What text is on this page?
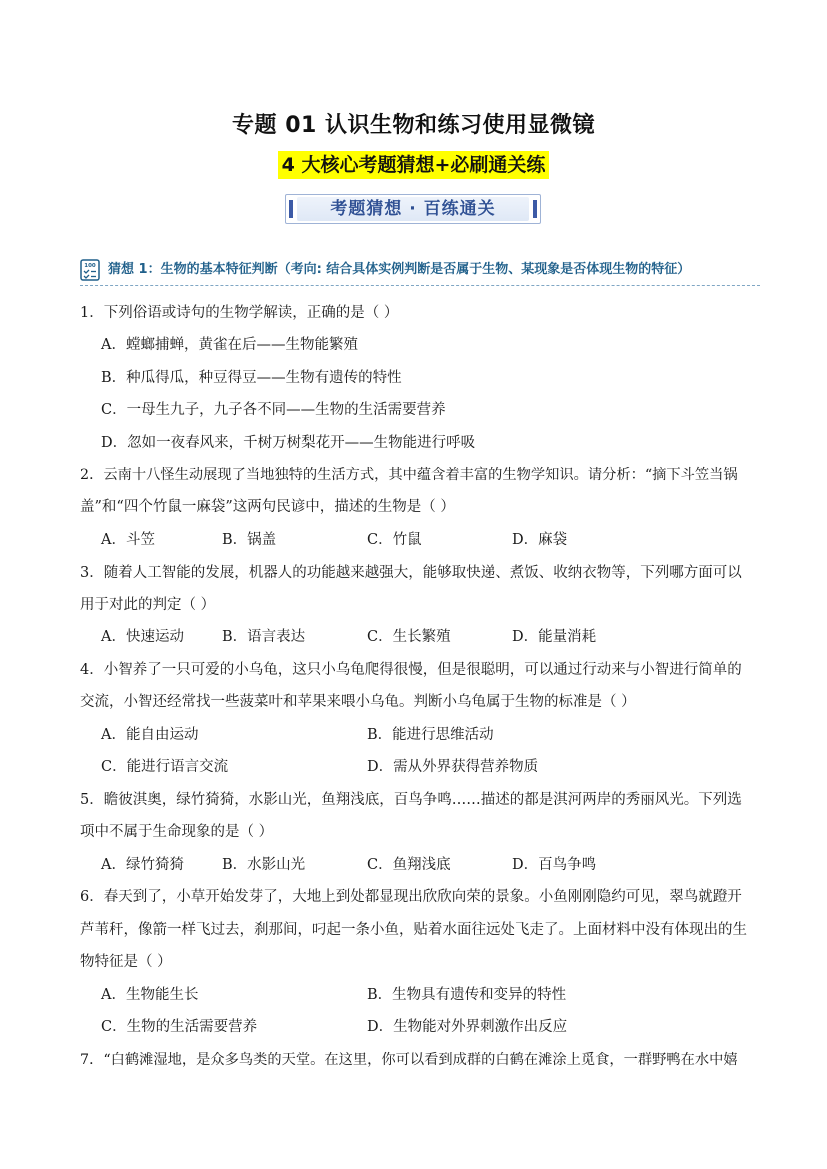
专题 01 认识生物和练习使用显微镜
4 大核心考题猜想+必刷通关练
考题猜想 · 百练通关
100 猜想 1：生物的基本特征判断（考向: 结合具体实例判断是否属于生物、某现象是否体现生物的特征）
1．下列俗语或诗句的生物学解读，正确的是（ ）
A．螳螂捕蝉，黄雀在后——生物能繁殖
B．种瓜得瓜，种豆得豆——生物有遗传的特性
C．一母生九子，九子各不同——生物的生活需要营养
D．忽如一夜春风来，千树万树梨花开——生物能进行呼吸
2．云南十八怪生动展现了当地独特的生活方式，其中蕴含着丰富的生物学知识。请分析：“摘下斗笠当锅
盖”和“四个竹鼠一麻袋”这两句民谚中，描述的生物是（ ）
A．斗笠	B．锅盖	C．竹鼠	D．麻袋
3．随着人工智能的发展，机器人的功能越来越强大，能够取快递、煮饭、收纳衣物等，下列哪方面可以
用于对此的判定（ ）
A．快速运动	B．语言表达	C．生长繁殖	D．能量消耗
4．小智养了一只可爱的小乌龟，这只小乌龟爬得很慢，但是很聪明，可以通过行动来与小智进行简单的
交流，小智还经常找一些菠菜叶和苹果来喂小乌龟。判断小乌龟属于生物的标准是（ ）
A．能自由运动	B．能进行思维活动
C．能进行语言交流	D．需从外界获得营养物质
5．瞻彼淇奥，绿竹猗猗，水影山光，鱼翔浅底，百鸟争鸣……描述的都是淇河两岸的秀丽风光。下列选
项中不属于生命现象的是（ ）
A．绿竹猗猗	B．水影山光	C．鱼翔浅底	D．百鸟争鸣
6．春天到了，小草开始发芽了，大地上到处都显现出欣欣向荣的景象。小鱼刚刚隐约可见，翠鸟就蹬开
芦苇秆，像箭一样飞过去，刹那间，叼起一条小鱼，贴着水面往远处飞走了。上面材料中没有体现出的生
物特征是（ ）
A．生物能生长	B．生物具有遗传和变异的特性
C．生物的生活需要营养	D．生物能对外界刺激作出反应
7．“白鹤滩湿地，是众多鸟类的天堂。在这里，你可以看到成群的白鹤在滩涂上觅食，一群野鸭在水中嬉
